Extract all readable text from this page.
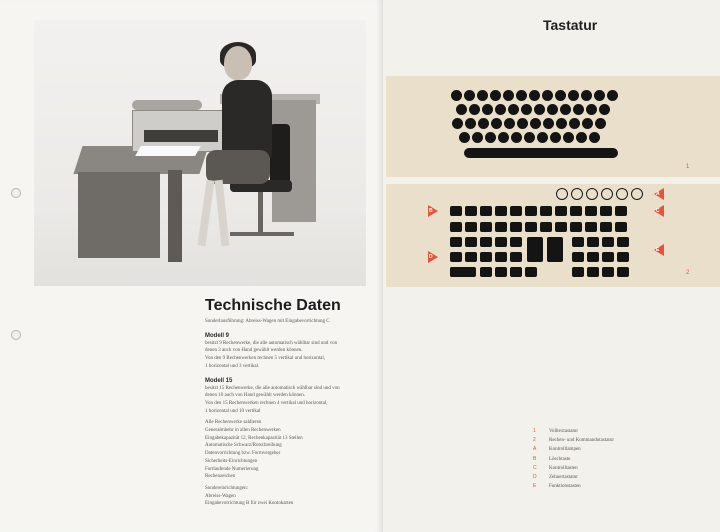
Technische Daten

Sonderlausführung: Abreiss-Wagen mit Eingabevorrichtung C

Modell 9

besitzt 9 Rechenwerke, die alle automatisch wählbar sind und von

denen 3 auch von Hand gewählt werden können.

Von den 9 Rechenwerken rechnen 5 vertikal und horizontal,

1 horizontal und 3 vertikal.

Modell 15

besitzt 15 Rechenwerke, die alle automatisch wählbar sind und von

denen 10 auch von Hand gewählt werden können.

Von den 15 Rechenwerken rechnen 4 vertikal und horizontal,

1 horizontal und 10 vertikal

Alle Rechenwerke saldieren

Generalmbehr in allen Rechenwerken

Eingabekapazität 12, Rechenkapazität 13 Stellen

Automatische Schwarz/Rotschreibung

Datenvorrichtung bzw. Formvergeber

Sicherheits-Einrichtungen

Fortlaufende Numerierung

Rechenzeichen

Sondereinrichtungen:

Abreiss-Wagen

Eingabevorrichtung B für zwei Kontokarten

Tastatur
1
A
B	C
D
E
2
1	Volltextastatur
2	Rechen- und Kommandotastatur
A	Kontrolllampen
B	Löschtaste
C	Kontrolltasten
D	Zehnertastatur
E	Funktionstasten
